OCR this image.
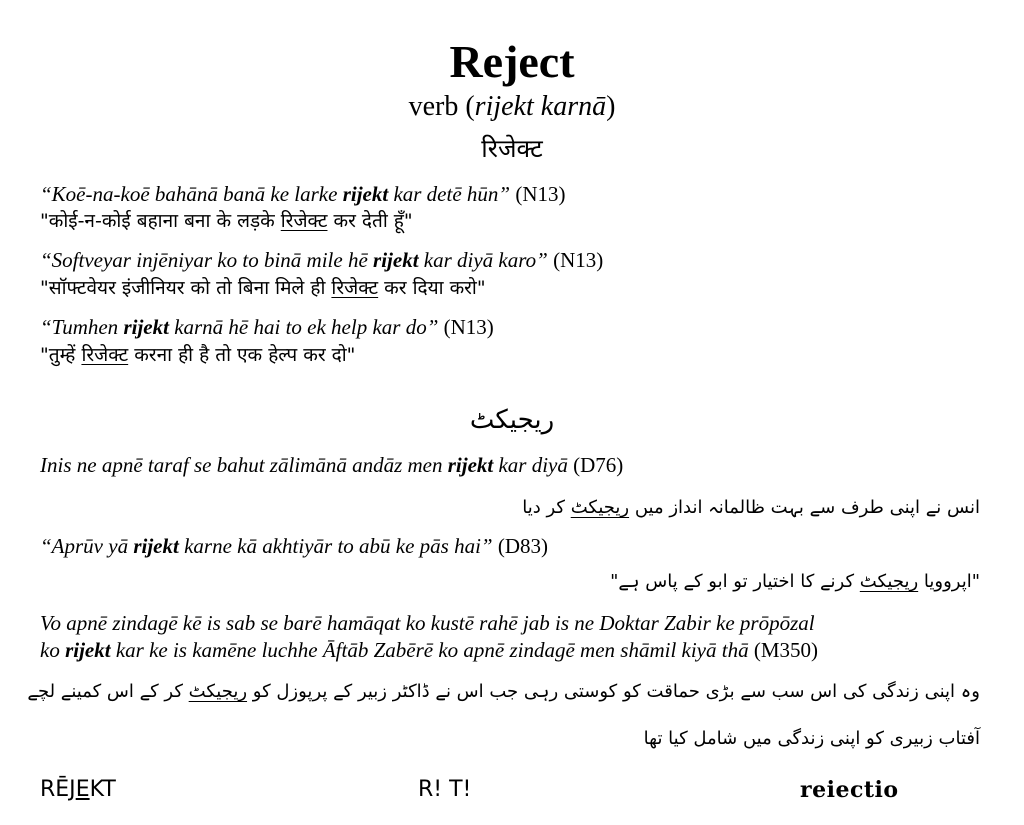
Reject
verb (rijekt karnā)
रिजेक्ट
“Koē-na-koē bahānā banā ke larke rijekt kar detē hūn” (N13)
"कोई-न-कोई बहाना बना के लड़के रिजेक्ट कर देती हूँ"
“Softveyar injēniyar ko to binā mile hē rijekt kar diyā karo” (N13)
"सॉफ्टवेयर इंजीनियर को तो बिना मिले ही रिजेक्ट कर दिया करो"
“Tumhen rijekt karnā hē hai to ek help kar do” (N13)
"तुम्हें रिजेक्ट करना ही है तो एक हेल्प कर दो"
ریجیکٹ
Inis ne apnē taraf se bahut zālimānā andāz men rijekt kar diyā (D76)
انس نے اپنی طرف سے بہت ظالمانہ انداز میں ریجیکٹ کر دیا
“Aprūv yā rijekt karne kā akhtiyār to abū ke pās hai” (D83)
"اپروویا ریجیکٹ کرنے کا اختیار تو ابو کے پاس ہے"
Vo apnē zindagē kē is sab se barē hamāqat ko kustē rahē jab is ne Doktar Zabir ke prōpōzal
ko rijekt kar ke is kamēne luchhe Āftāb Zabērē ko apnē zindagē men shāmil kiyā thā (M350)
وہ اپنی زندگی کی اس سب سے بڑی حماقت کو کوستی رہی جب اس نے ڈاکٹر زبیر کے پرپوزل کو ریجیکٹ کر کے اس کمینے لچے
آفتاب زبیری کو اپنی زندگی میں شامل کیا تھا
RĒJEKT	R! T!	reiectio
